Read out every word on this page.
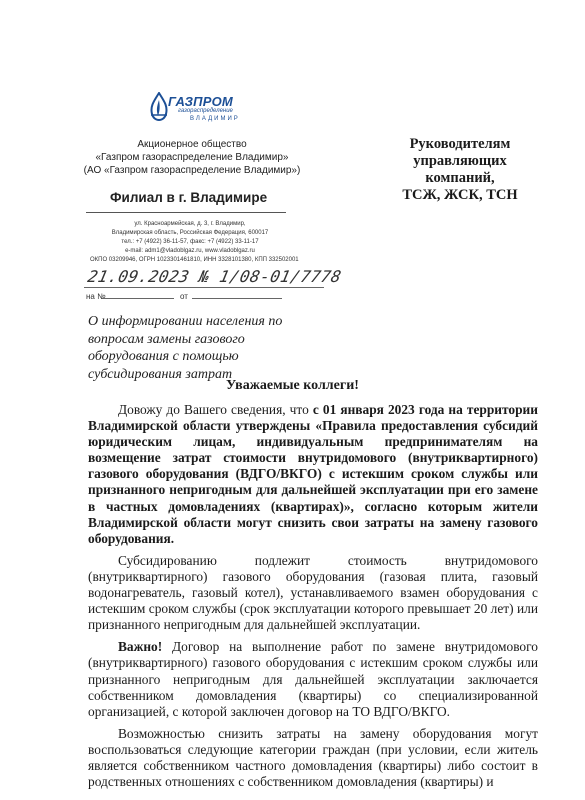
ГАЗПРОМ
газораспределение
ВЛАДИМИР
Акционерное общество
«Газпром газораспределение Владимир»
(АО «Газпром газораспределение Владимир»)
Филиал в г. Владимире
ул. Красноармейская, д. 3, г. Владимир,
Владимирская область, Российская Федерация, 600017
тел.: +7 (4922) 36-11-57, факс: +7 (4922) 33-11-17
e-mail: adm1@vladoblgaz.ru, www.vladoblgaz.ru
ОКПО 03209946, ОГРН 1023301461810, ИНН 3328101380, КПП 332502001
21.09.2023 № 1/08-01/7778
на №	от
Руководителям
управляющих компаний,
ТСЖ, ЖСК, ТСН
О информировании населения по вопросам замены газового оборудования с помощью субсидирования затрат
Уважаемые коллеги!

Довожу до Вашего сведения, что с 01 января 2023 года на территории Владимирской области утверждены «Правила предоставления субсидий юридическим лицам, индивидуальным предпринимателям на возмещение затрат стоимости внутридомового (внутриквартирного) газового оборудования (ВДГО/ВКГО) с истекшим сроком службы или признанного непригодным для дальнейшей эксплуатации при его замене в частных домовладениях (квартирах)», согласно которым жители Владимирской области могут снизить свои затраты на замену газового оборудования.

Субсидированию подлежит стоимость внутридомового (внутриквартирного) газового оборудования (газовая плита, газовый водонагреватель, газовый котел), устанавливаемого взамен оборудования с истекшим сроком службы (срок эксплуатации которого превышает 20 лет) или признанного непригодным для дальнейшей эксплуатации.

Важно! Договор на выполнение работ по замене внутридомового (внутриквартирного) газового оборудования с истекшим сроком службы или признанного непригодным для дальнейшей эксплуатации заключается собственником домовладения (квартиры) со специализированной организацией, с которой заключен договор на ТО ВДГО/ВКГО.

Возможностью снизить затраты на замену оборудования могут воспользоваться следующие категории граждан (при условии, если житель является собственником частного домовладения (квартиры) либо состоит в родственных отношениях с собственником домовладения (квартиры) и
